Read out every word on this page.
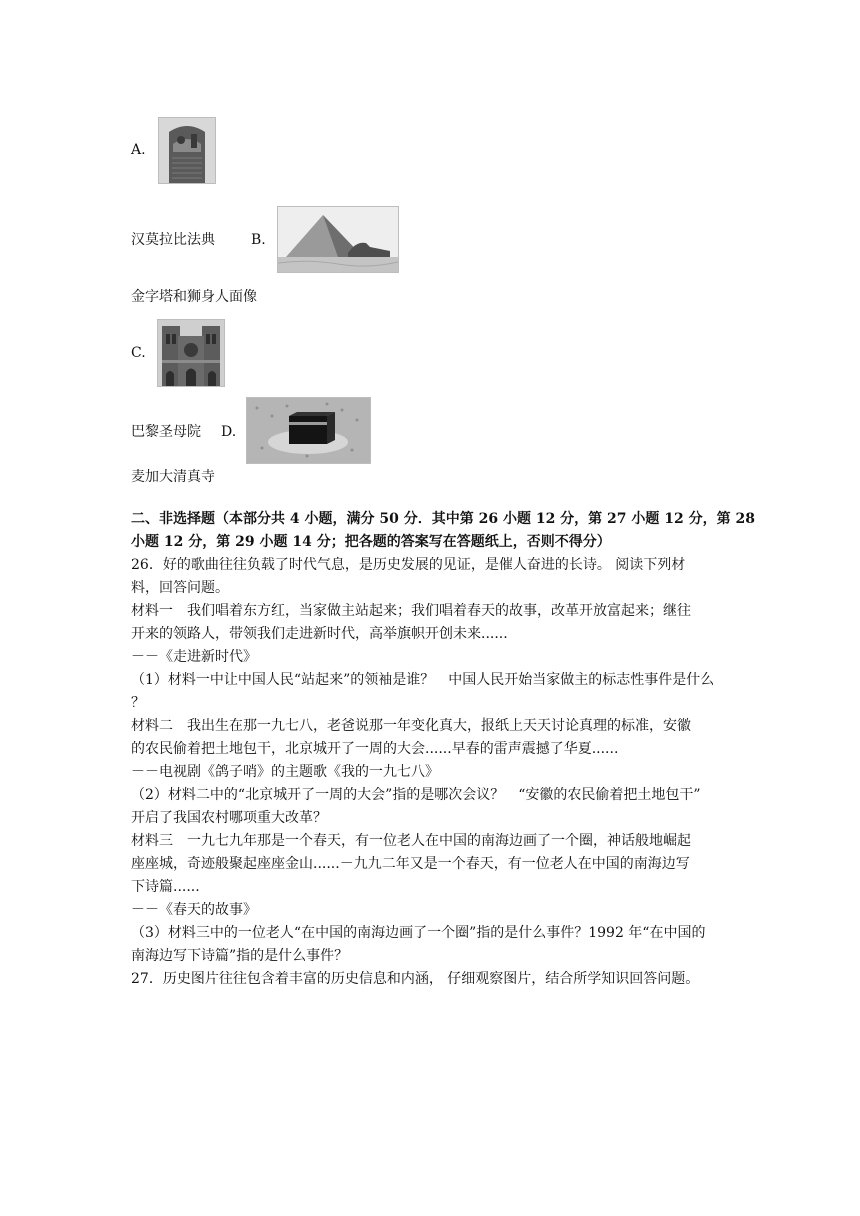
A.
汉莫拉比法典	B.
金字塔和狮身人面像
C.
巴黎圣母院 D.
麦加大清真寺
二、非选择题（本部分共 4 小题，满分 50 分．其中第 26 小题 12 分，第 27 小题 12 分，第 28
小题 12 分，第 29 小题 14 分；把各题的答案写在答题纸上，否则不得分）
26．好的歌曲往往负载了时代气息，是历史发展的见证，是催人奋进的长诗。 阅读下列材
料，回答问题。
材料一　我们唱着东方红，当家做主站起来；我们唱着春天的故事，改革开放富起来；继往
开来的领路人，带领我们走进新时代，高举旗帜开创未来......
－－《走进新时代》
（1）材料一中让中国人民“站起来”的领袖是谁？　中国人民开始当家做主的标志性事件是什么
？
材料二　我出生在那一九七八，老爸说那一年变化真大，报纸上天天讨论真理的标准，安徽
的农民偷着把土地包干，北京城开了一周的大会......早春的雷声震撼了华夏......
－－电视剧《鸽子哨》的主题歌《我的一九七八》
（2）材料二中的“北京城开了一周的大会”指的是哪次会议？　“安徽的农民偷着把土地包干”
开启了我国农村哪项重大改革？
材料三　一九七九年那是一个春天，有一位老人在中国的南海边画了一个圈，神话般地崛起
座座城，奇迹般聚起座座金山......－九九二年又是一个春天，有一位老人在中国的南海边写
下诗篇......
－－《春天的故事》
（3）材料三中的一位老人“在中国的南海边画了一个圈”指的是什么事件？1992 年“在中国的
南海边写下诗篇”指的是什么事件？
27．历史图片往往包含着丰富的历史信息和内涵， 仔细观察图片，结合所学知识回答问题。
